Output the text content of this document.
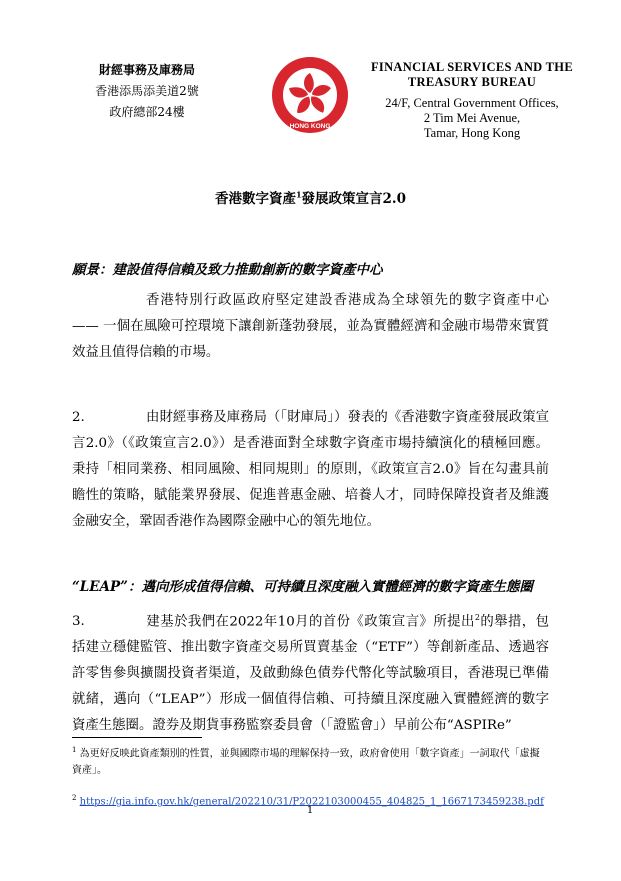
財經事務及庫務局
香港添馬添美道2號
政府總部24樓
HONG KONG
FINANCIAL SERVICES AND THE
TREASURY BUREAU
24/F, Central Government Offices,
2 Tim Mei Avenue,
Tamar, Hong Kong
香港數字資產$^1$發展政策宣言2.0
願景：建設值得信賴及致力推動創新的數字資產中心
香港特別行政區政府堅定建設香港成為全球領先的數字資產中心 —— 一個在風險可控環境下讓創新蓬勃發展，並為實體經濟和金融市場帶來實質效益且值得信賴的市場。
2.	由財經事務及庫務局（「財庫局」）發表的《香港數字資產發展政策宣言2.0》（《政策宣言2.0》）是香港面對全球數字資產市場持續演化的積極回應。秉持「相同業務、相同風險、相同規則」的原則，《政策宣言2.0》旨在勾畫具前瞻性的策略，賦能業界發展、促進普惠金融、培養人才，同時保障投資者及維護金融安全，鞏固香港作為國際金融中心的領先地位。
“LEAP”：邁向形成值得信賴、可持續且深度融入實體經濟的數字資產生態圈
3.	建基於我們在2022年10月的首份《政策宣言》所提出$^2$的舉措，包括建立穩健監管、推出數字資產交易所買賣基金（“ETF”）等創新產品、透過容許零售參與擴闊投資者渠道，及啟動綠色債券代幣化等試驗項目，香港現已準備就緒，邁向（“LEAP”）形成一個值得信賴、可持續且深度融入實體經濟的數字資產生態圈。證券及期貨事務監察委員會（「證監會」）早前公布“ASPIRe”
$^1$ 為更好反映此資產類別的性質，並與國際市場的理解保持一致，政府會使用「數字資產」一詞取代「虛擬資產」。
$^2$ https://gia.info.gov.hk/general/202210/31/P2022103000455_404825_1_1667173459238.pdf
1
